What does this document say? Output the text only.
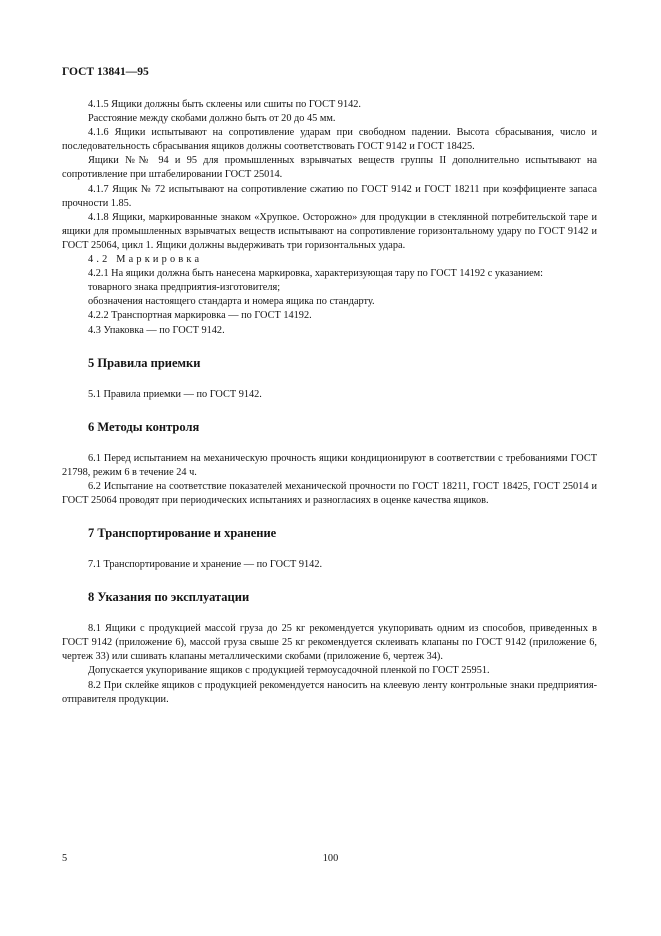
ГОСТ 13841—95

4.1.5 Ящики должны быть склеены или сшиты по ГОСТ 9142.

Расстояние между скобами должно быть от 20 до 45 мм.

4.1.6 Ящики испытывают на сопротивление ударам при свободном падении. Высота сбрасывания, число и последовательность сбрасывания ящиков должны соответствовать ГОСТ 9142 и ГОСТ 18425.

Ящики №№ 94 и 95 для промышленных взрывчатых веществ группы II дополнительно испытывают на сопротивление при штабелировании ГОСТ 25014.

4.1.7 Ящик № 72 испытывают на сопротивление сжатию по ГОСТ 9142 и ГОСТ 18211 при коэффициенте запаса прочности 1.85.

4.1.8 Ящики, маркированные знаком «Хрупкое. Осторожно» для продукции в стеклянной потребительской таре и ящики для промышленных взрывчатых веществ испытывают на сопротивление горизонтальному удару по ГОСТ 9142 и ГОСТ 25064, цикл 1. Ящики должны выдерживать три горизонтальных удара.

4.2 Маркировка

4.2.1 На ящики должна быть нанесена маркировка, характеризующая тару по ГОСТ 14192 с указанием:

товарного знака предприятия-изготовителя;

обозначения настоящего стандарта и номера ящика по стандарту.

4.2.2 Транспортная маркировка — по ГОСТ 14192.

4.3 Упаковка — по ГОСТ 9142.

5 Правила приемки

5.1 Правила приемки — по ГОСТ 9142.

6 Методы контроля

6.1 Перед испытанием на механическую прочность ящики кондиционируют в соответствии с требованиями ГОСТ 21798, режим 6 в течение 24 ч.

6.2 Испытание на соответствие показателей механической прочности по ГОСТ 18211, ГОСТ 18425, ГОСТ 25014 и ГОСТ 25064 проводят при периодических испытаниях и разногласиях в оценке качества ящиков.

7 Транспортирование и хранение

7.1 Транспортирование и хранение — по ГОСТ 9142.

8 Указания по эксплуатации

8.1 Ящики с продукцией массой груза до 25 кг рекомендуется укупоривать одним из способов, приведенных в ГОСТ 9142 (приложение 6), массой груза свыше 25 кг рекомендуется склеивать клапаны по ГОСТ 9142 (приложение 6, чертеж 33) или сшивать клапаны металлическими скобами (приложение 6, чертеж 34).

Допускается укупоривание ящиков с продукцией термоусадочной пленкой по ГОСТ 25951.

8.2 При склейке ящиков с продукцией рекомендуется наносить на клеевую ленту контрольные знаки предприятия-отправителя продукции.

5	100
